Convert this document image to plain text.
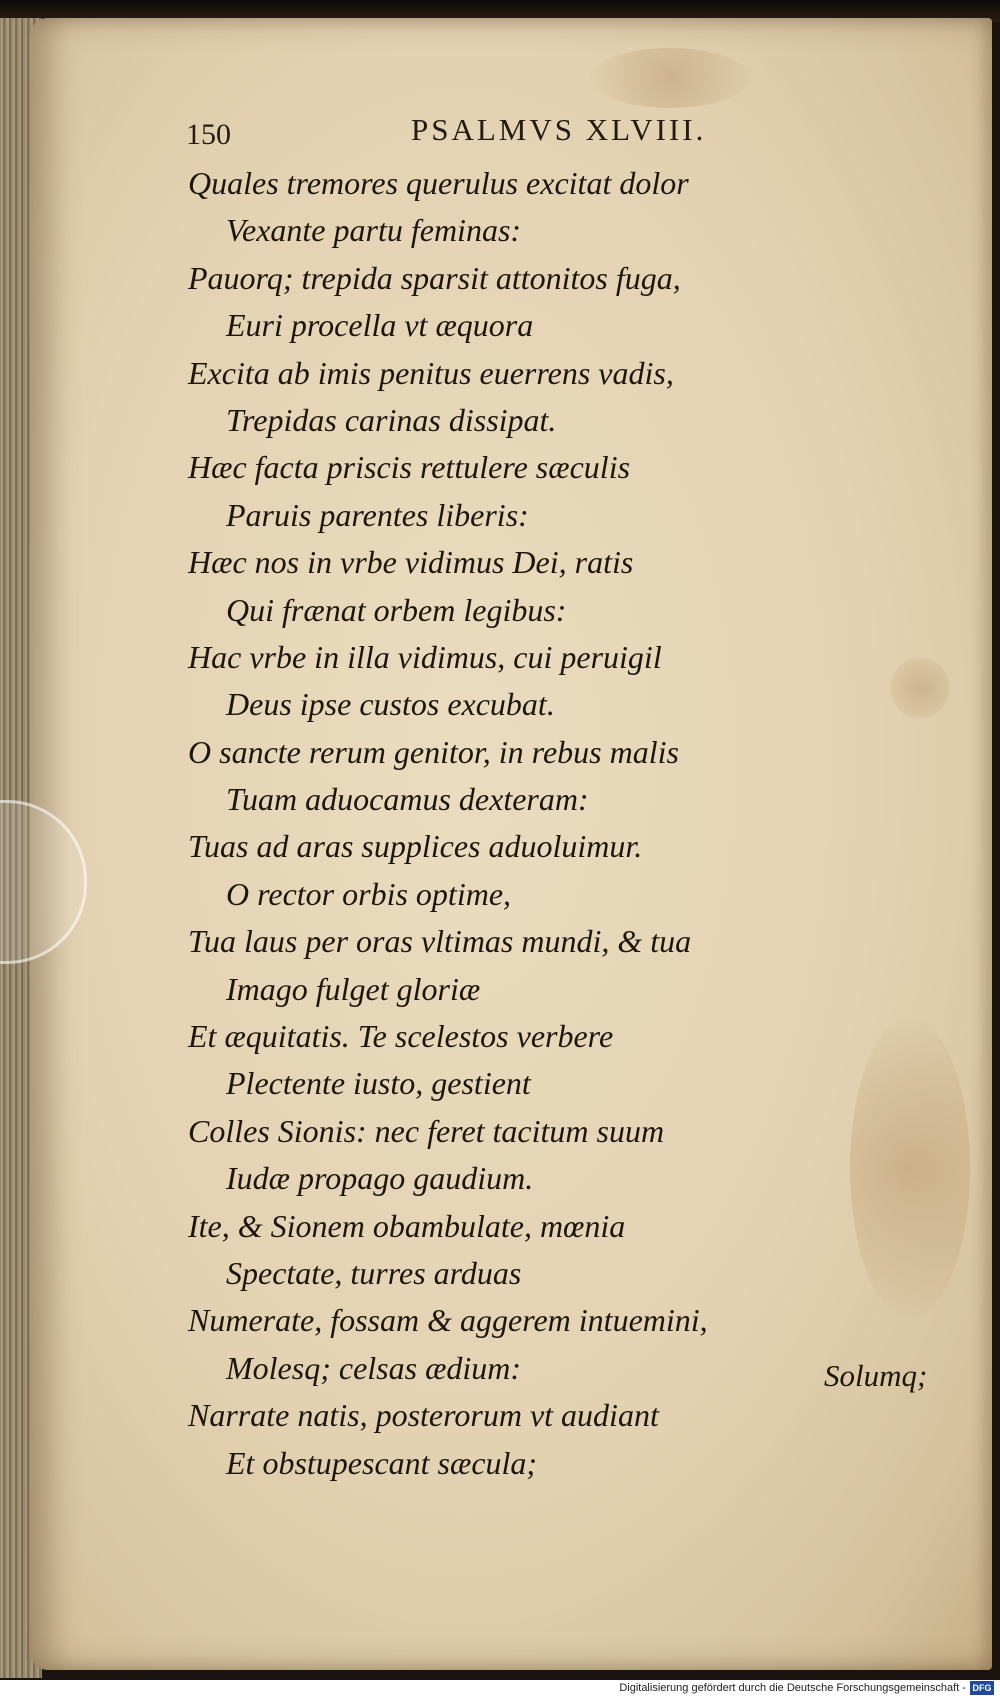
150	PSALMVS XLVIII.
Quales tremores querulus excitat dolor
Vexante partu feminas:
Pauorq; trepida sparsit attonitos fuga,
Euri procella vt æquora
Excita ab imis penitus euerrens vadis,
Trepidas carinas dissipat.
Hæc facta priscis rettulere sæculis
Paruis parentes liberis:
Hæc nos in vrbe vidimus Dei, ratis
Qui frænat orbem legibus:
Hac vrbe in illa vidimus, cui peruigil
Deus ipse custos excubat.
O sancte rerum genitor, in rebus malis
Tuam aduocamus dexteram:
Tuas ad aras supplices aduoluimur.
O rector orbis optime,
Tua laus per oras vltimas mundi, & tua
Imago fulget gloriæ
Et æquitatis. Te scelestos verbere
Plectente iusto, gestient
Colles Sionis: nec feret tacitum suum
Iudæ propago gaudium.
Ite, & Sionem obambulate, mœnia
Spectate, turres arduas
Numerate, fossam & aggerem intuemini,
Molesq; celsas ædium:
Narrate natis, posterorum vt audiant
Et obstupescant sæcula;
Solumq;
Digitalisierung gefördert durch die Deutsche Forschungsgemeinschaft - DFG
